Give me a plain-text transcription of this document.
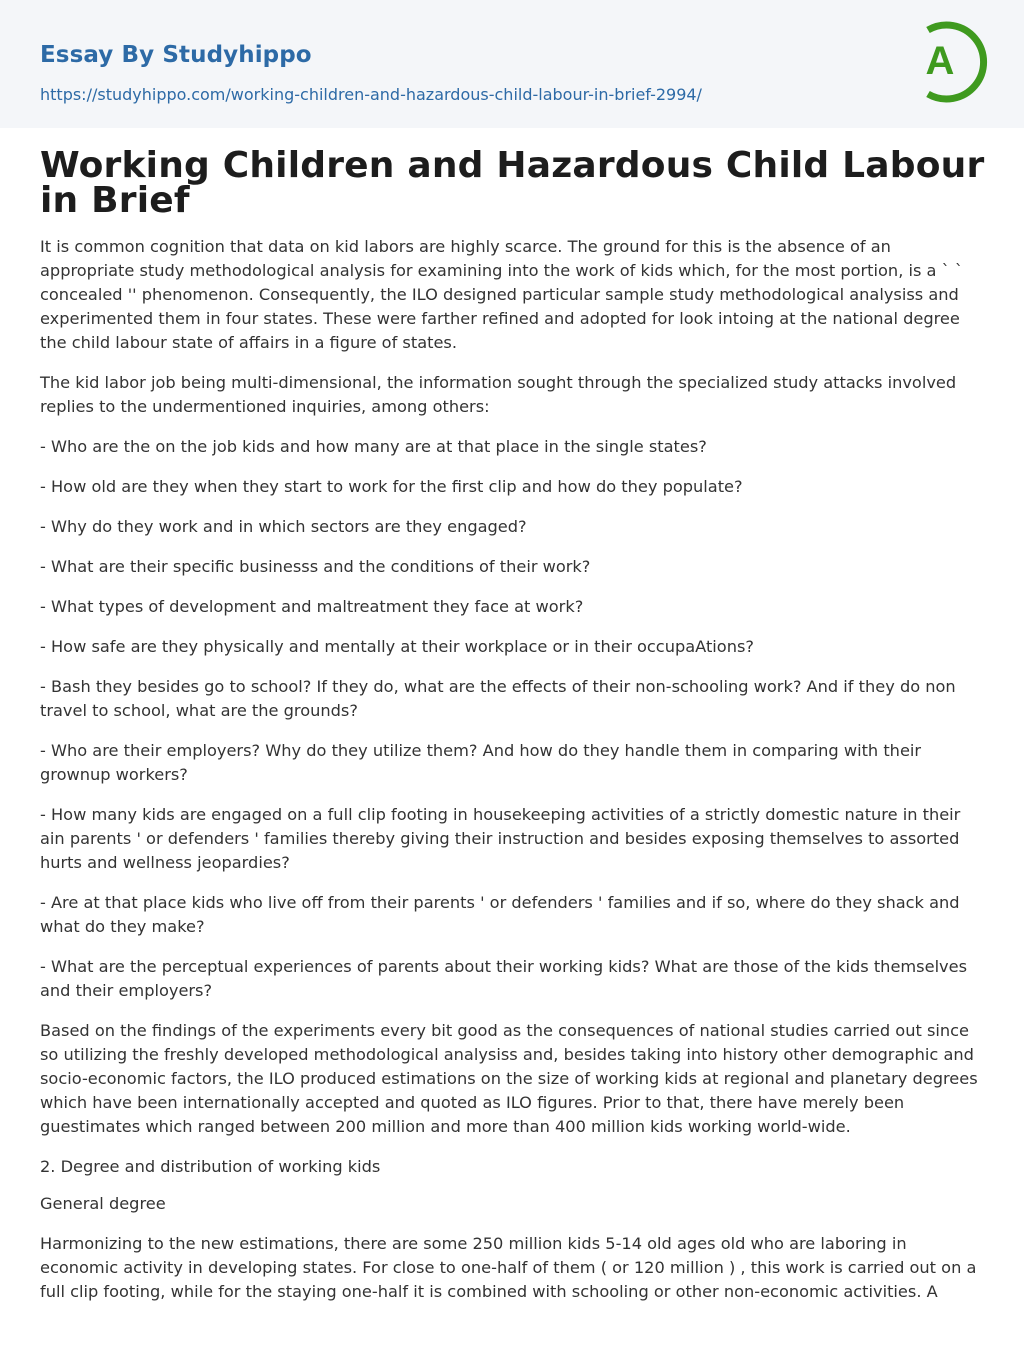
Essay By Studyhippo
https://studyhippo.com/working-children-and-hazardous-child-labour-in-brief-2994/
A
Working Children and Hazardous Child Labour in Brief

It is common cognition that data on kid labors are highly scarce. The ground for this is the absence of an appropriate study methodological analysis for examining into the work of kids which, for the most portion, is a ` ` concealed '' phenomenon. Consequently, the ILO designed particular sample study methodological analysiss and experimented them in four states. These were farther refined and adopted for look intoing at the national degree the child labour state of affairs in a figure of states.

The kid labor job being multi-dimensional, the information sought through the specialized study attacks involved replies to the undermentioned inquiries, among others:

- Who are the on the job kids and how many are at that place in the single states?

- How old are they when they start to work for the first clip and how do they populate?

- Why do they work and in which sectors are they engaged?

- What are their specific businesss and the conditions of their work?

- What types of development and maltreatment they face at work?

- How safe are they physically and mentally at their workplace or in their occupaAtions?

- Bash they besides go to school? If they do, what are the effects of their non-schooling work? And if they do non travel to school, what are the grounds?

- Who are their employers? Why do they utilize them? And how do they handle them in comparing with their grownup workers?

- How many kids are engaged on a full clip footing in housekeeping activities of a strictly domestic nature in their ain parents ' or defenders ' families thereby giving their instruction and besides exposing themselves to assorted hurts and wellness jeopardies?

- Are at that place kids who live off from their parents ' or defenders ' families and if so, where do they shack and what do they make?

- What are the perceptual experiences of parents about their working kids? What are those of the kids themselves and their employers?

Based on the findings of the experiments every bit good as the consequences of national studies carried out since so utilizing the freshly developed methodological analysiss and, besides taking into history other demographic and socio-economic factors, the ILO produced estimations on the size of working kids at regional and planetary degrees which have been internationally accepted and quoted as ILO figures. Prior to that, there have merely been guestimates which ranged between 200 million and more than 400 million kids working world-wide.

2. Degree and distribution of working kids

General degree

Harmonizing to the new estimations, there are some 250 million kids 5-14 old ages old who are laboring in economic activity in developing states. For close to one-half of them ( or 120 million ) , this work is carried out on a full clip footing, while for the staying one-half it is combined with schooling or other non-economic activities. A
